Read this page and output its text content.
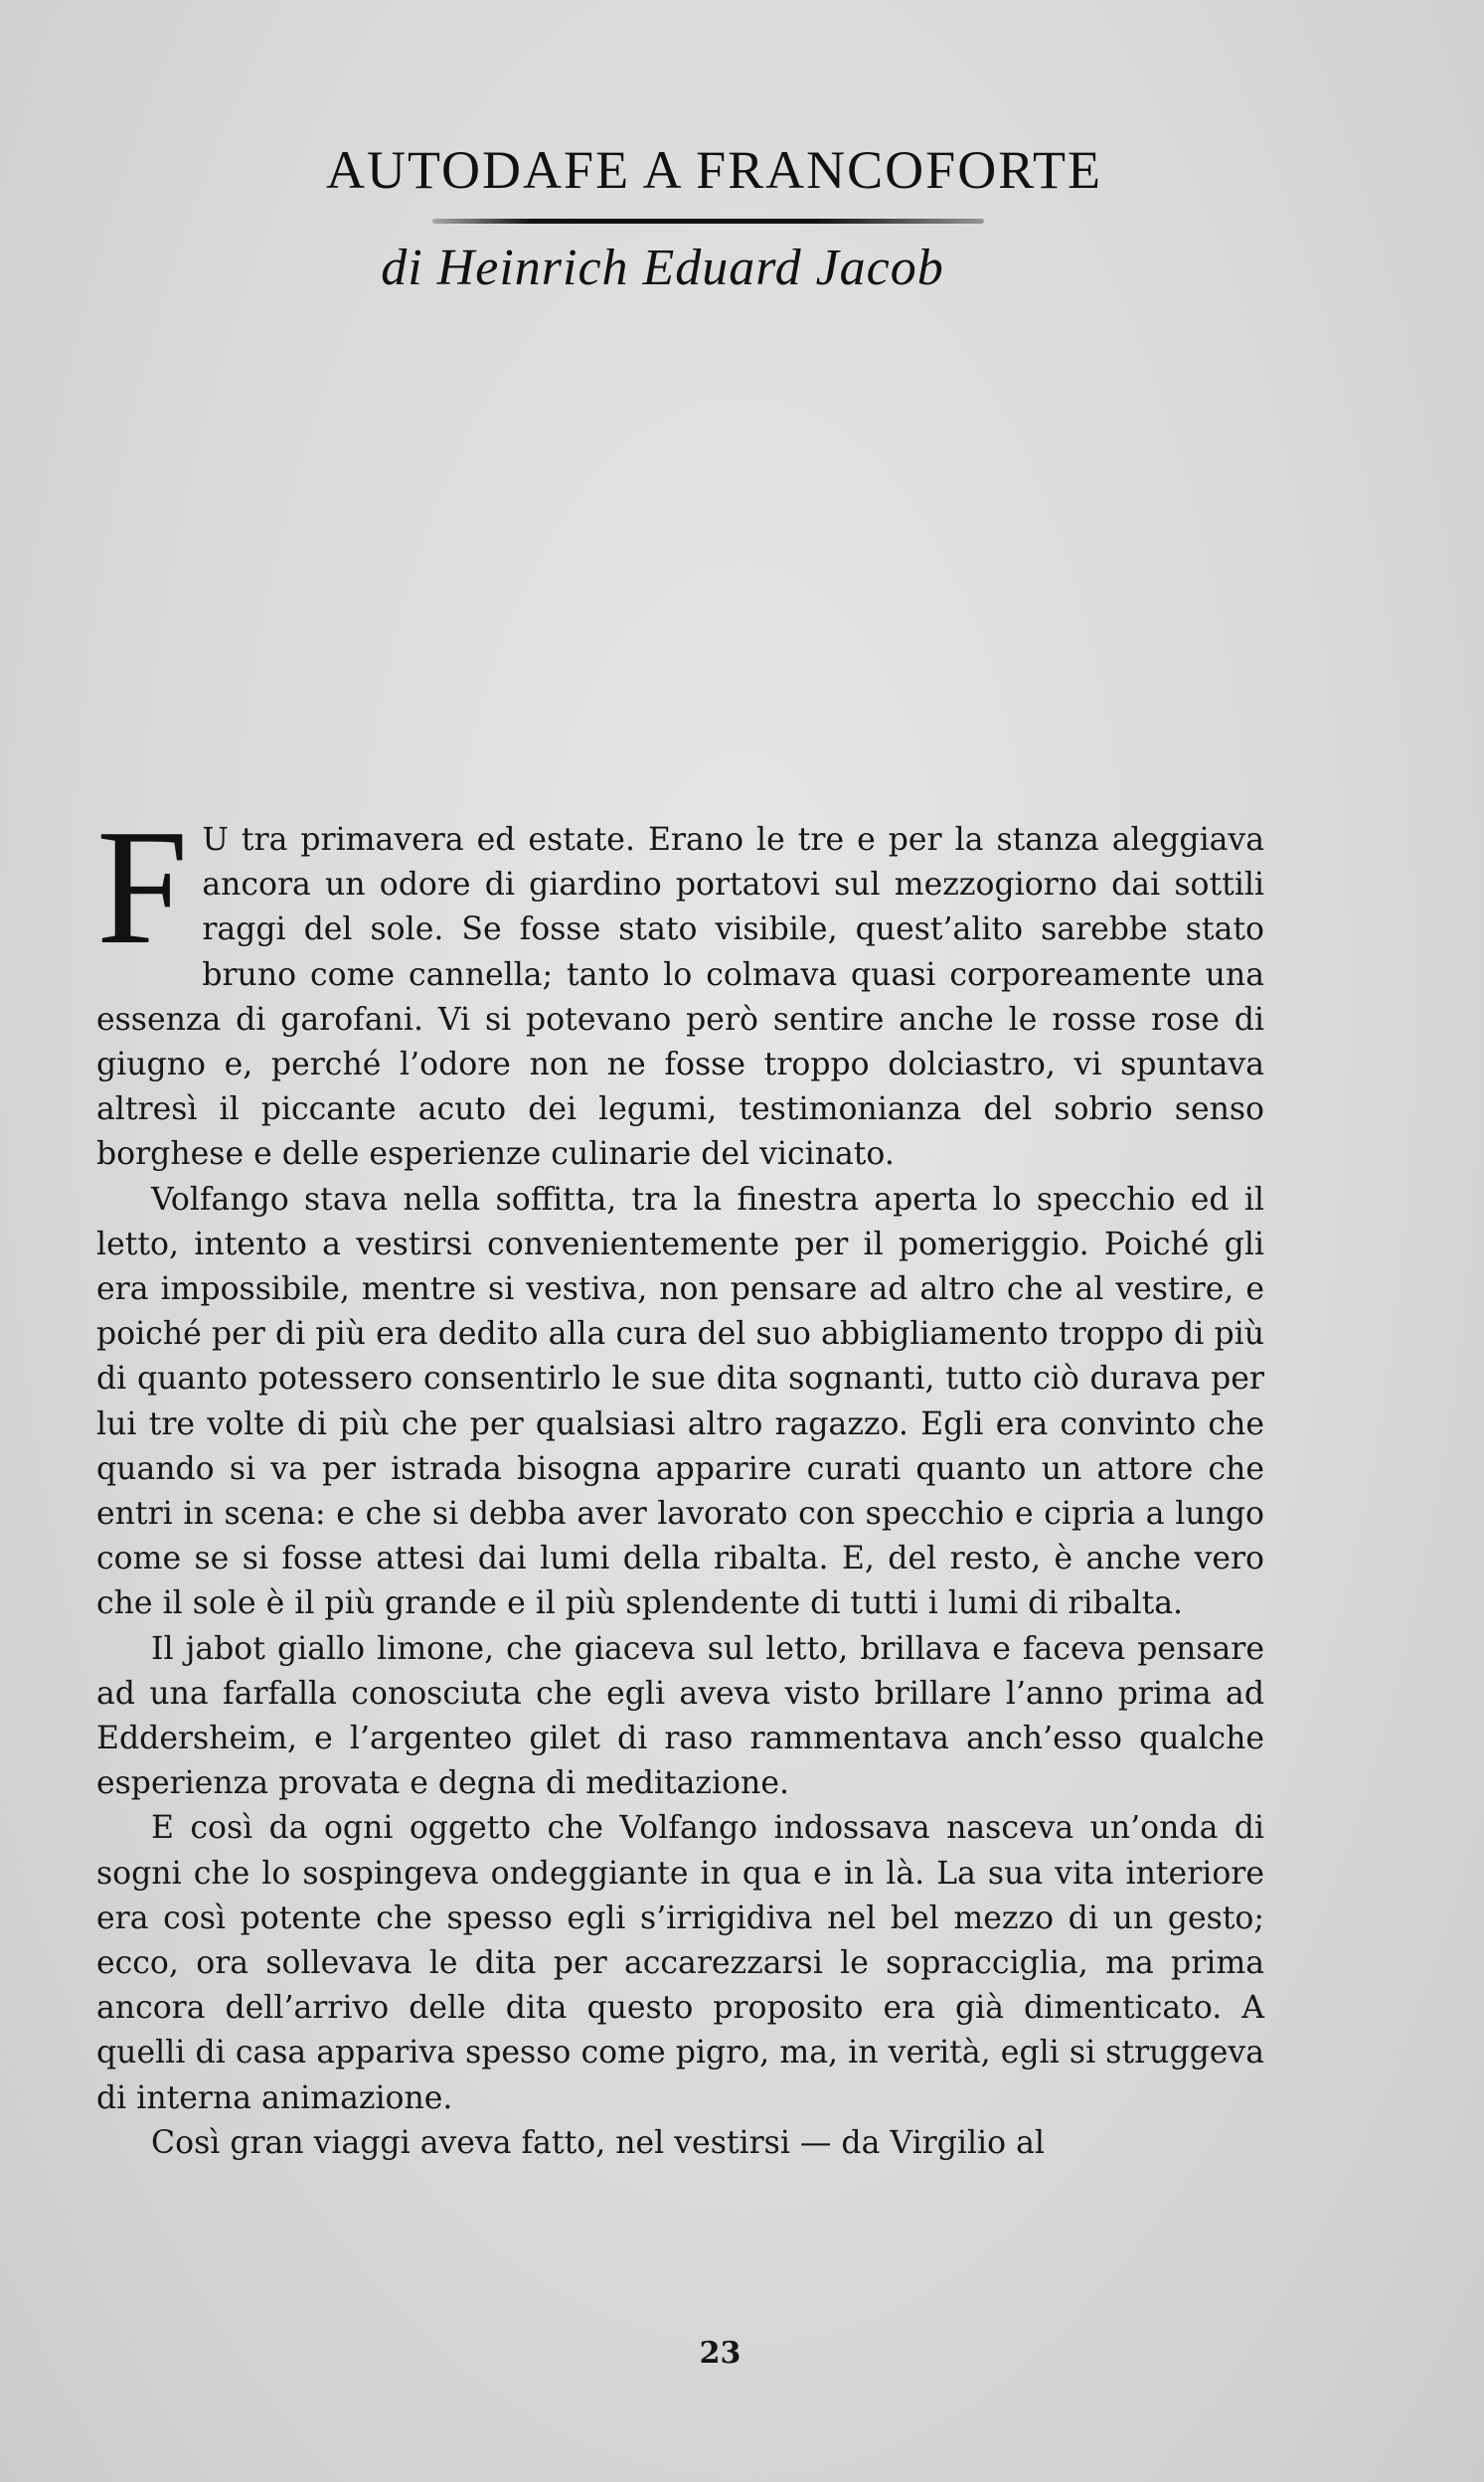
AUTODAFE A FRANCOFORTE
di Heinrich Eduard Jacob

F U tra primavera ed estate. Erano le tre e per la stanza aleggiava ancora un odore di giardino portatovi sul mezzogiorno dai sottili raggi del sole. Se fosse stato visibile, quest’alito sarebbe stato bruno come cannella; tanto lo colmava quasi corporeamente una essenza di garofani. Vi si potevano però sentire anche le rosse rose di giugno e, perché l’odore non ne fosse troppo dolciastro, vi spuntava altresì il piccante acuto dei legumi, testimonianza del sobrio senso borghese e delle esperienze culinarie del vicinato.

Volfango stava nella soffitta, tra la finestra aperta lo specchio ed il letto, intento a vestirsi convenientemente per il pomeriggio. Poiché gli era impossibile, mentre si vestiva, non pensare ad altro che al vestire, e poiché per di più era dedito alla cura del suo abbigliamento troppo di più di quanto potessero consentirlo le sue dita sognanti, tutto ciò durava per lui tre volte di più che per qualsiasi altro ragazzo. Egli era convinto che quando si va per istrada bisogna apparire curati quanto un attore che entri in scena: e che si debba aver lavorato con specchio e cipria a lungo come se si fosse attesi dai lumi della ribalta. E, del resto, è anche vero che il sole è il più grande e il più splendente di tutti i lumi di ribalta.

Il jabot giallo limone, che giaceva sul letto, brillava e faceva pensare ad una farfalla conosciuta che egli aveva visto brillare l’anno prima ad Eddersheim, e l’argenteo gilet di raso rammentava anch’esso qualche esperienza provata e degna di meditazione.

E così da ogni oggetto che Volfango indossava nasceva un’onda di sogni che lo sospingeva ondeggiante in qua e in là. La sua vita interiore era così potente che spesso egli s’irrigidiva nel bel mezzo di un gesto; ecco, ora sollevava le dita per accarezzarsi le sopracciglia, ma prima ancora dell’arrivo delle dita questo proposito era già dimenticato. A quelli di casa appariva spesso come pigro, ma, in verità, egli si struggeva di interna animazione.

Così gran viaggi aveva fatto, nel vestirsi — da Virgilio al

23
